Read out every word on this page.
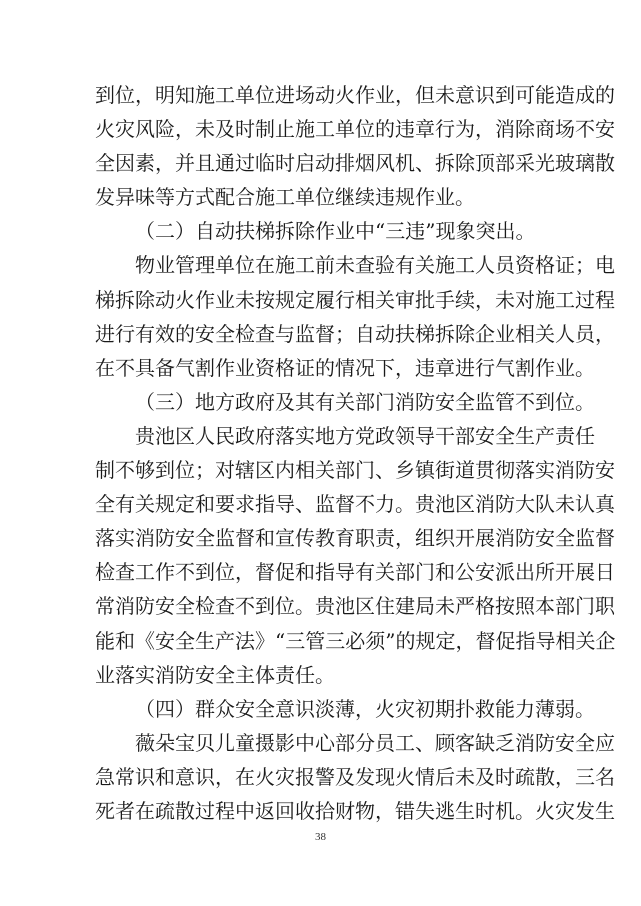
到位，明知施工单位进场动火作业，但未意识到可能造成的
火灾风险，未及时制止施工单位的违章行为，消除商场不安
全因素，并且通过临时启动排烟风机、拆除顶部采光玻璃散
发异味等方式配合施工单位继续违规作业。
（二）自动扶梯拆除作业中“三违”现象突出。
物业管理单位在施工前未查验有关施工人员资格证；电
梯拆除动火作业未按规定履行相关审批手续，未对施工过程
进行有效的安全检查与监督；自动扶梯拆除企业相关人员，
在不具备气割作业资格证的情况下，违章进行气割作业。
（三）地方政府及其有关部门消防安全监管不到位。
贵池区人民政府落实地方党政领导干部安全生产责任
制不够到位；对辖区内相关部门、乡镇街道贯彻落实消防安
全有关规定和要求指导、监督不力。贵池区消防大队未认真
落实消防安全监督和宣传教育职责，组织开展消防安全监督
检查工作不到位，督促和指导有关部门和公安派出所开展日
常消防安全检查不到位。贵池区住建局未严格按照本部门职
能和《安全生产法》“三管三必须”的规定，督促指导相关企
业落实消防安全主体责任。
（四）群众安全意识淡薄，火灾初期扑救能力薄弱。
薇朵宝贝儿童摄影中心部分员工、顾客缺乏消防安全应
急常识和意识，在火灾报警及发现火情后未及时疏散，三名
死者在疏散过程中返回收拾财物，错失逃生时机。火灾发生
38
